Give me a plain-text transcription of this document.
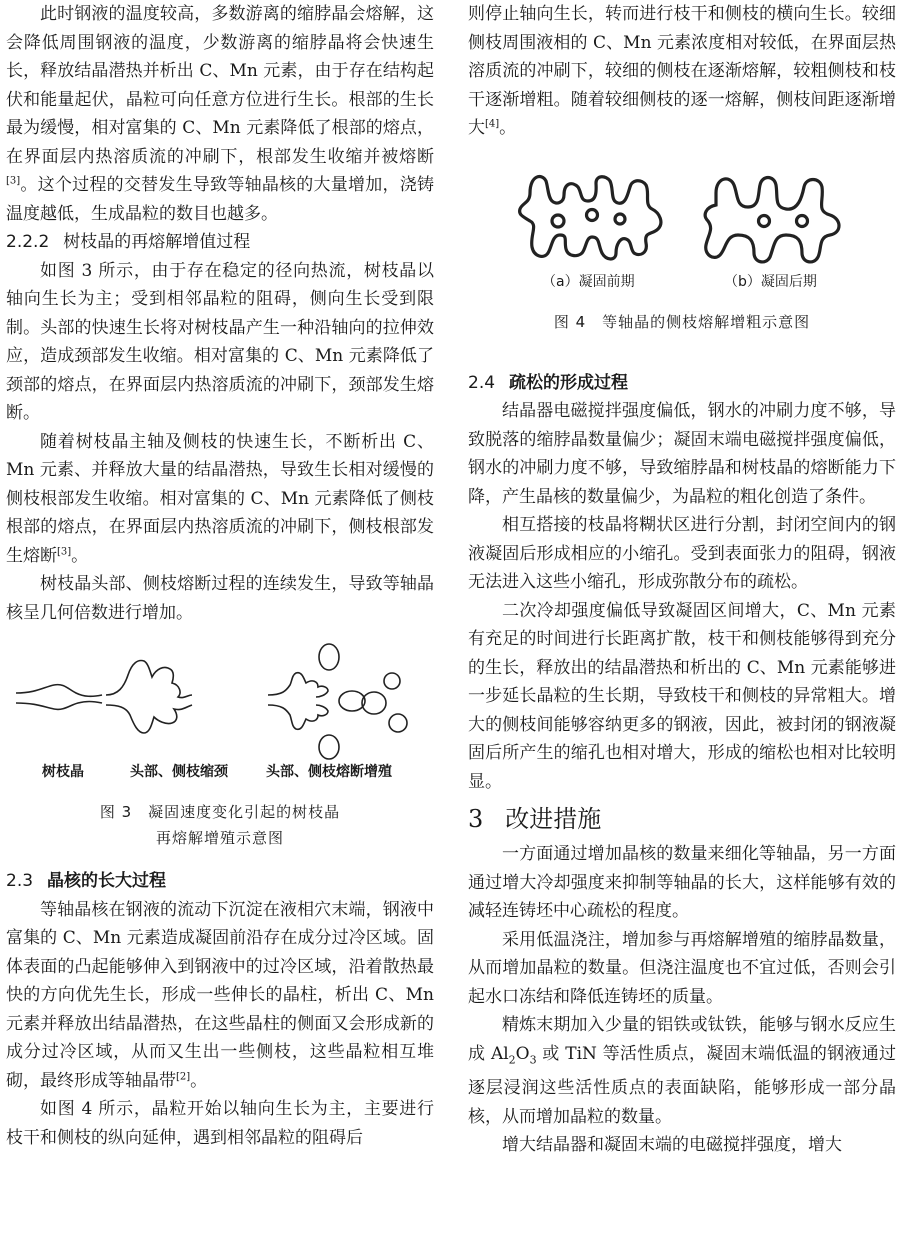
此时钢液的温度较高，多数游离的缩脖晶会熔解，这会降低周围钢液的温度，少数游离的缩脖晶将会快速生长，释放结晶潜热并析出 C、Mn 元素，由于存在结构起伏和能量起伏，晶粒可向任意方位进行生长。根部的生长最为缓慢，相对富集的 C、Mn 元素降低了根部的熔点，在界面层内热溶质流的冲刷下，根部发生收缩并被熔断[3]。这个过程的交替发生导致等轴晶核的大量增加，浇铸温度越低，生成晶粒的数目也越多。

2.2.2 树枝晶的再熔解增值过程

如图 3 所示，由于存在稳定的径向热流，树枝晶以轴向生长为主；受到相邻晶粒的阻碍，侧向生长受到限制。头部的快速生长将对树枝晶产生一种沿轴向的拉伸效应，造成颈部发生收缩。相对富集的 C、Mn 元素降低了颈部的熔点，在界面层内热溶质流的冲刷下，颈部发生熔断。

随着树枝晶主轴及侧枝的快速生长，不断析出 C、Mn 元素、并释放大量的结晶潜热，导致生长相对缓慢的侧枝根部发生收缩。相对富集的 C、Mn 元素降低了侧枝根部的熔点，在界面层内热溶质流的冲刷下，侧枝根部发生熔断[3]。

树枝晶头部、侧枝熔断过程的连续发生，导致等轴晶核呈几何倍数进行增加。

树枝晶	头部、侧枝缩颈	头部、侧枝熔断增殖
图 3　凝固速度变化引起的树枝晶
再熔解增殖示意图
2.3 晶核的长大过程

等轴晶核在钢液的流动下沉淀在液相穴末端，钢液中富集的 C、Mn 元素造成凝固前沿存在成分过冷区域。固体表面的凸起能够伸入到钢液中的过冷区域，沿着散热最快的方向优先生长，形成一些伸长的晶柱，析出 C、Mn 元素并释放出结晶潜热，在这些晶柱的侧面又会形成新的成分过冷区域，从而又生出一些侧枝，这些晶粒相互堆砌，最终形成等轴晶带[2]。

如图 4 所示，晶粒开始以轴向生长为主，主要进行枝干和侧枝的纵向延伸，遇到相邻晶粒的阻碍后

则停止轴向生长，转而进行枝干和侧枝的横向生长。较细侧枝周围液相的 C、Mn 元素浓度相对较低，在界面层热溶质流的冲刷下，较细的侧枝在逐渐熔解，较粗侧枝和枝干逐渐增粗。随着较细侧枝的逐一熔解，侧枝间距逐渐增大[4]。

（a）凝固前期	（b）凝固后期
图 4　等轴晶的侧枝熔解增粗示意图
2.4 疏松的形成过程

结晶器电磁搅拌强度偏低，钢水的冲刷力度不够，导致脱落的缩脖晶数量偏少；凝固末端电磁搅拌强度偏低，钢水的冲刷力度不够，导致缩脖晶和树枝晶的熔断能力下降，产生晶核的数量偏少，为晶粒的粗化创造了条件。

相互搭接的枝晶将糊状区进行分割，封闭空间内的钢液凝固后形成相应的小缩孔。受到表面张力的阻碍，钢液无法进入这些小缩孔，形成弥散分布的疏松。

二次冷却强度偏低导致凝固区间增大，C、Mn 元素有充足的时间进行长距离扩散，枝干和侧枝能够得到充分的生长，释放出的结晶潜热和析出的 C、Mn 元素能够进一步延长晶粒的生长期，导致枝干和侧枝的异常粗大。增大的侧枝间能够容纳更多的钢液，因此，被封闭的钢液凝固后所产生的缩孔也相对增大，形成的缩松也相对比较明显。

3 改进措施

一方面通过增加晶核的数量来细化等轴晶，另一方面通过增大冷却强度来抑制等轴晶的长大，这样能够有效的减轻连铸坯中心疏松的程度。

采用低温浇注，增加参与再熔解增殖的缩脖晶数量，从而增加晶粒的数量。但浇注温度也不宜过低，否则会引起水口冻结和降低连铸坯的质量。

精炼末期加入少量的铝铁或钛铁，能够与钢水反应生成 $Al_2O_3$ 或 TiN 等活性质点，凝固末端低温的钢液通过逐层浸润这些活性质点的表面缺陷，能够形成一部分晶核，从而增加晶粒的数量。

增大结晶器和凝固末端的电磁搅拌强度，增大
